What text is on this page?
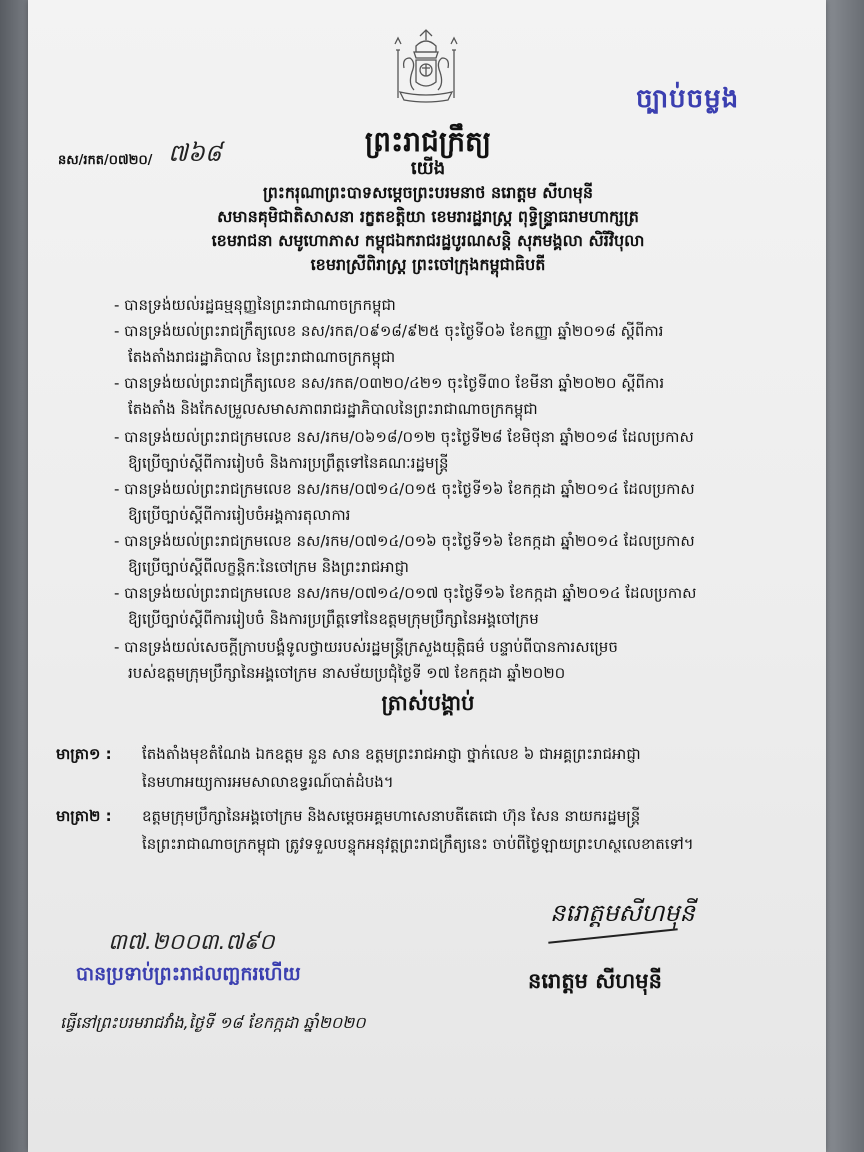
ច្បាប់ចម្លង
ព្រះរាជក្រឹត្យ
នស/រកត/០៧២០/ ៧៦៨
យើង
ព្រះករុណាព្រះបាទសម្តេចព្រះបរមនាថ នរោត្តម សីហមុនី
សមានគុមិជាតិសាសនា រក្ខតខត្តិយា ខេមរារដ្ឋរាស្ត្រ ពុទ្ធិន្ទ្រាធរាមហាក្សត្រ
ខេមរាជនា សមូហោភាស កម្ពុជឯករាជរដ្ឋបូរណសន្តិ សុភមង្គលា សិរីវិបុលា
ខេមរាស្រីពិរាស្ត្រ ព្រះចៅក្រុងកម្ពុជាធិបតី
- បានទ្រង់យល់រដ្ឋធម្មនុញ្ញនៃព្រះរាជាណាចក្រកម្ពុជា
- បានទ្រង់យល់ព្រះរាជក្រឹត្យលេខ នស/រកត/០៩១៨/៩២៥ ចុះថ្ងៃទី០៦ ខែកញ្ញា ឆ្នាំ២០១៨ ស្តីពីការ
តែងតាំងរាជរដ្ឋាភិបាល នៃព្រះរាជាណាចក្រកម្ពុជា
- បានទ្រង់យល់ព្រះរាជក្រឹត្យលេខ នស/រកត/០៣២០/៤២១ ចុះថ្ងៃទី៣០ ខែមីនា ឆ្នាំ២០២០ ស្តីពីការ
តែងតាំង និងកែសម្រួលសមាសភាពរាជរដ្ឋាភិបាលនៃព្រះរាជាណាចក្រកម្ពុជា
- បានទ្រង់យល់ព្រះរាជក្រមលេខ នស/រកម/០៦១៨/០១២ ចុះថ្ងៃទី២៨ ខែមិថុនា ឆ្នាំ២០១៨ ដែលប្រកាស
ឱ្យប្រើច្បាប់ស្តីពីការរៀបចំ និងការប្រព្រឹត្តទៅនៃគណៈរដ្ឋមន្ត្រី
- បានទ្រង់យល់ព្រះរាជក្រមលេខ នស/រកម/០៧១៤/០១៥ ចុះថ្ងៃទី១៦ ខែកក្កដា ឆ្នាំ២០១៤ ដែលប្រកាស
ឱ្យប្រើច្បាប់ស្តីពីការរៀបចំអង្គការតុលាការ
- បានទ្រង់យល់ព្រះរាជក្រមលេខ នស/រកម/០៧១៤/០១៦ ចុះថ្ងៃទី១៦ ខែកក្កដា ឆ្នាំ២០១៤ ដែលប្រកាស
ឱ្យប្រើច្បាប់ស្តីពីលក្ខន្តិកៈនៃចៅក្រម និងព្រះរាជអាជ្ញា
- បានទ្រង់យល់ព្រះរាជក្រមលេខ នស/រកម/០៧១៤/០១៧ ចុះថ្ងៃទី១៦ ខែកក្កដា ឆ្នាំ២០១៤ ដែលប្រកាស
ឱ្យប្រើច្បាប់ស្តីពីការរៀបចំ និងការប្រព្រឹត្តទៅនៃឧត្តមក្រុមប្រឹក្សានៃអង្គចៅក្រម
- បានទ្រង់យល់សេចក្តីក្រាបបង្គំទូលថ្វាយរបស់រដ្ឋមន្ត្រីក្រសួងយុត្តិធម៌ បន្ទាប់ពីបានការសម្រេច
របស់ឧត្តមក្រុមប្រឹក្សានៃអង្គចៅក្រម នាសម័យប្រជុំថ្ងៃទី ១៧ ខែកក្កដា ឆ្នាំ២០២០
ត្រាស់បង្គាប់
មាត្រា១ : តែងតាំងមុខតំណែង ឯកឧត្តម នួន សាន ឧត្តមព្រះរាជអាជ្ញា ថ្នាក់លេខ ៦ ជាអគ្គព្រះរាជអាជ្ញា
នៃមហាអយ្យការអមសាលាឧទ្ធរណ៍បាត់ដំបង។
មាត្រា២ : ឧត្តមក្រុមប្រឹក្សានៃអង្គចៅក្រម និងសម្តេចអគ្គមហាសេនាបតីតេជោ ហ៊ុន សែន នាយករដ្ឋមន្ត្រី
នៃព្រះរាជាណាចក្រកម្ពុជា ត្រូវទទួលបន្ទុកអនុវត្តព្រះរាជក្រឹត្យនេះ ចាប់ពីថ្ងៃឡាយព្រះហស្ថលេខាតទៅ។
នរោត្តមសីហមុនី
៣៧.២០០៣.៧៩០
បានប្រទាប់ព្រះរាជលញ្ឆករហើយ	នរោត្តម សីហមុនី
ធ្វើនៅព្រះបរមរាជវាំង,ថ្ងៃទី ១៨ ខែកក្កដា ឆ្នាំ២០២០
